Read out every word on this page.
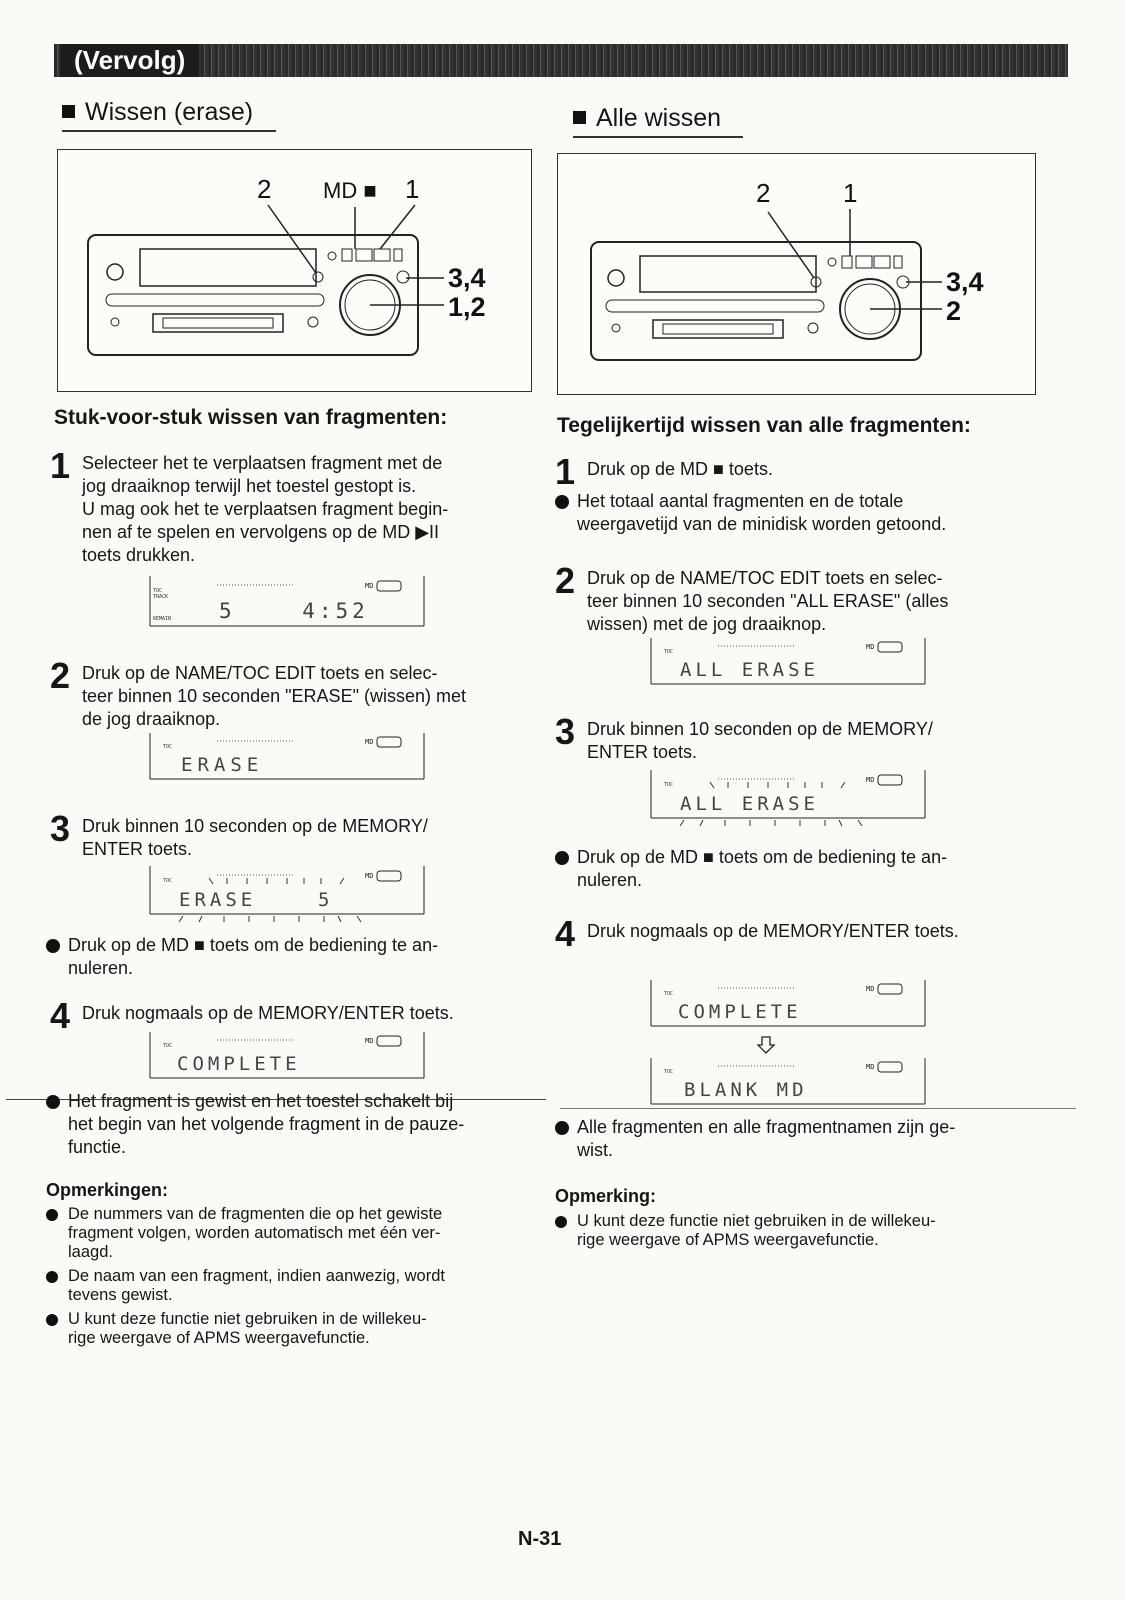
(Vervolg)
Wissen (erase)	Alle wissen
2 MD ■ 1
3,4
1,2
2	1
3,4
2
Stuk-voor-stuk wissen van fragmenten:	Tegelijkertijd wissen van alle fragmenten:
1 Selecteer het te verplaatsen fragment met de
jog draaiknop terwijl het toestel gestopt is.
U mag ook het te verplaatsen fragment begin-
nen af te spelen en vervolgens op de MD ▶II
toets drukken.
TOC
TRACK
REMAIN
MD
5    4:52
2 Druk op de NAME/TOC EDIT toets en selec-
teer binnen 10 seconden "ERASE" (wissen) met
de jog draaiknop.
TOC
MD
ERASE
3 Druk binnen 10 seconden op de MEMORY/
ENTER toets.
TOC
MD
ERASE    5
Druk op de MD ■ toets om de bediening te an-
nuleren.
4 Druk nogmaals op de MEMORY/ENTER toets.
TOC
MD
COMPLETE
Het fragment is gewist en het toestel schakelt bij
het begin van het volgende fragment in de pauze-
functie.
Opmerkingen:
De nummers van de fragmenten die op het gewiste
fragment volgen, worden automatisch met één ver-
laagd.
De naam van een fragment, indien aanwezig, wordt
tevens gewist.
U kunt deze functie niet gebruiken in de willekeu-
rige weergave of APMS weergavefunctie.
1 Druk op de MD ■ toets.
Het totaal aantal fragmenten en de totale
weergavetijd van de minidisk worden getoond.
2 Druk op de NAME/TOC EDIT toets en selec-
teer binnen 10 seconden "ALL ERASE" (alles
wissen) met de jog draaiknop.
TOC
MD
ALL ERASE
3 Druk binnen 10 seconden op de MEMORY/
ENTER toets.
TOC
MD
ALL ERASE
Druk op de MD ■ toets om de bediening te an-
nuleren.
4 Druk nogmaals op de MEMORY/ENTER toets.
TOC
MD
COMPLETE
TOC
MD
BLANK MD
Alle fragmenten en alle fragmentnamen zijn ge-
wist.
Opmerking:
U kunt deze functie niet gebruiken in de willekeu-
rige weergave of APMS weergavefunctie.
N-31
